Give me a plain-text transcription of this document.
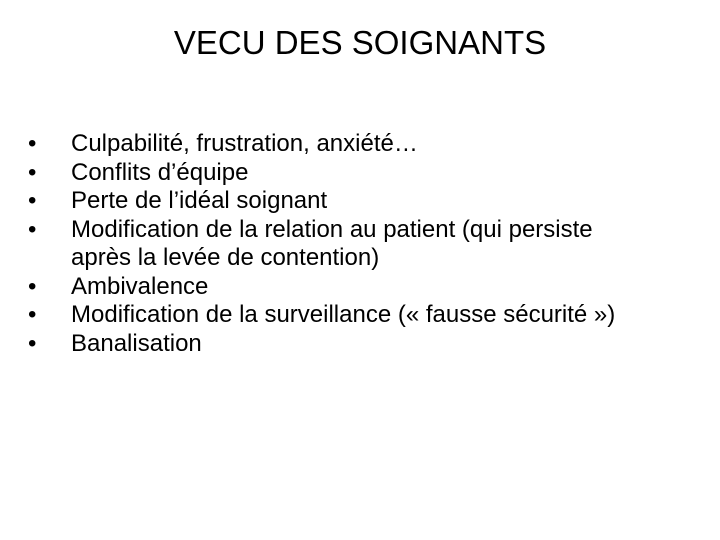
VECU DES SOIGNANTS
•	Culpabilité, frustration, anxiété…
•	Conflits d’équipe
•	Perte de l’idéal soignant
•	Modification de la relation au patient (qui persiste après la levée de contention)
•	Ambivalence
•	Modification de la surveillance (« fausse sécurité »)
•	Banalisation
